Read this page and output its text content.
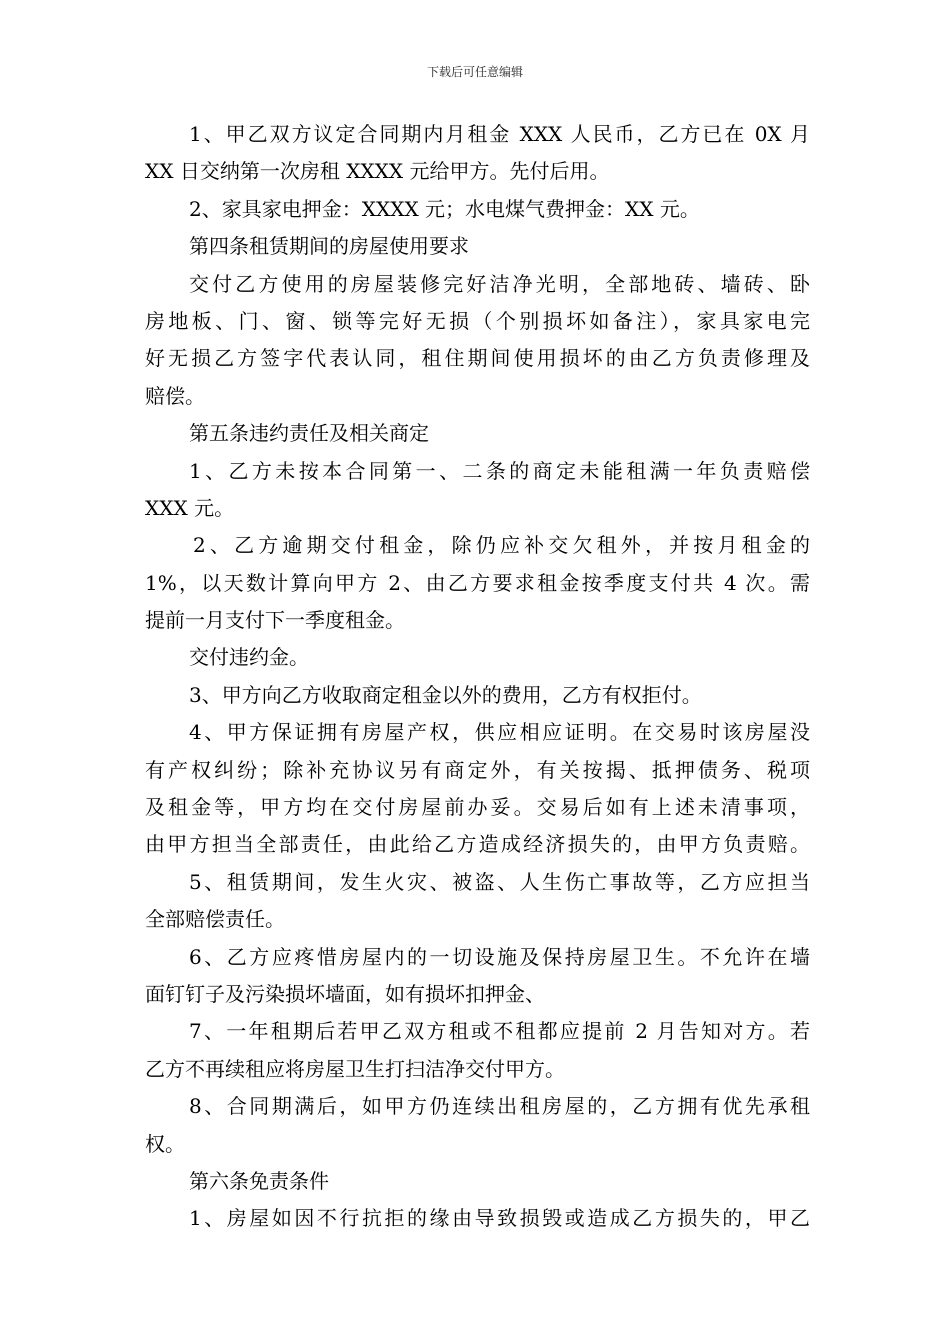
下载后可任意编辑
1、甲乙双方议定合同期内月租金 XXX 人民币，乙方已在 0X 月
XX 日交纳第一次房租 XXXX 元给甲方。先付后用。
2、家具家电押金：XXXX 元；水电煤气费押金：XX 元。
第四条租赁期间的房屋使用要求
交付乙方使用的房屋装修完好洁净光明，全部地砖、墙砖、卧
房地板、门、窗、锁等完好无损（个别损坏如备注），家具家电完
好无损乙方签字代表认同，租住期间使用损坏的由乙方负责修理及
赔偿。
第五条违约责任及相关商定
1、乙方未按本合同第一、二条的商定未能租满一年负责赔偿
XXX 元。
2、乙方逾期交付租金，除仍应补交欠租外，并按月租金的
1%，以天数计算向甲方 2、由乙方要求租金按季度支付共 4 次。需
提前一月支付下一季度租金。
交付违约金。
3、甲方向乙方收取商定租金以外的费用，乙方有权拒付。
4、甲方保证拥有房屋产权，供应相应证明。在交易时该房屋没
有产权纠纷；除补充协议另有商定外，有关按揭、抵押债务、税项
及租金等，甲方均在交付房屋前办妥。交易后如有上述未清事项，
由甲方担当全部责任，由此给乙方造成经济损失的，由甲方负责赔。
5、租赁期间，发生火灾、被盗、人生伤亡事故等，乙方应担当
全部赔偿责任。
6、乙方应疼惜房屋内的一切设施及保持房屋卫生。不允许在墙
面钉钉子及污染损坏墙面，如有损坏扣押金、
7、一年租期后若甲乙双方租或不租都应提前 2 月告知对方。若
乙方不再续租应将房屋卫生打扫洁净交付甲方。
8、合同期满后，如甲方仍连续出租房屋的，乙方拥有优先承租
权。
第六条免责条件
1、房屋如因不行抗拒的缘由导致损毁或造成乙方损失的，甲乙
